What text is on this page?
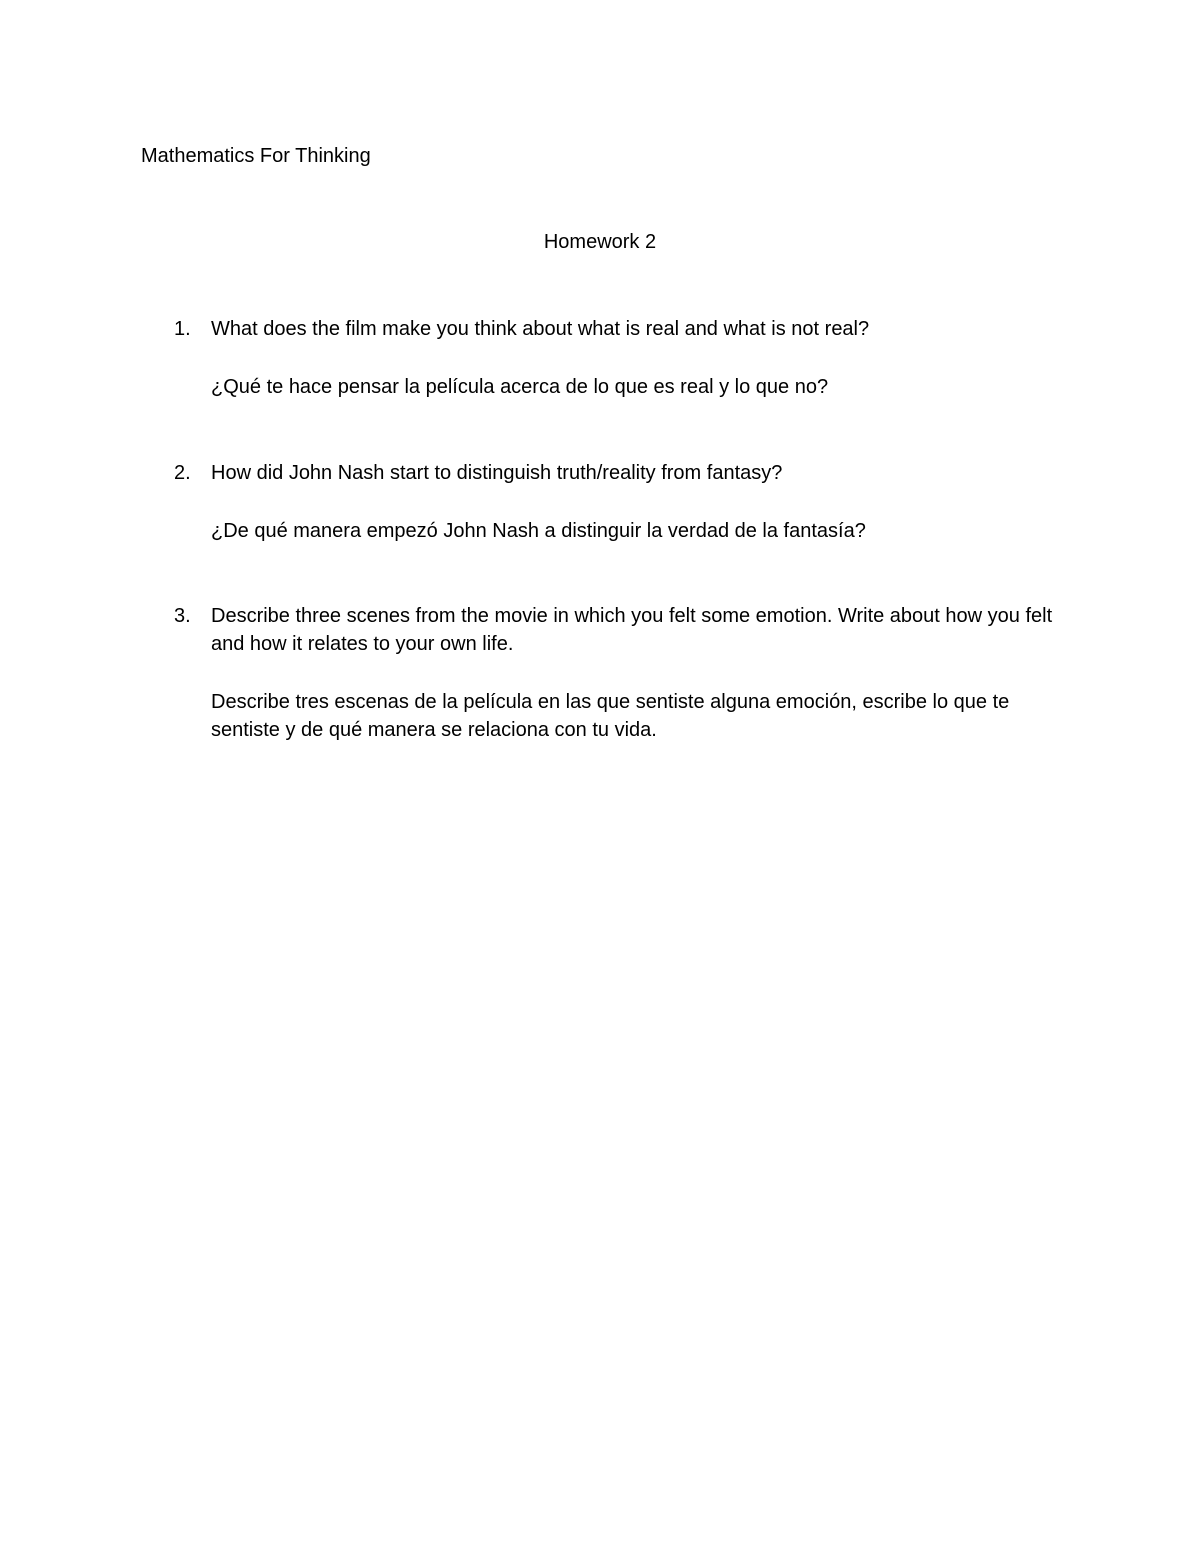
Mathematics For Thinking
Homework 2
1. What does the film make you think about what is real and what is not real?

¿Qué te hace pensar la película acerca de lo que es real y lo que no?

2. How did John Nash start to distinguish truth/reality from fantasy?

¿De qué manera empezó John Nash a distinguir la verdad de la fantasía?

3. Describe three scenes from the movie in which you felt some emotion. Write about how you felt and how it relates to your own life.

Describe tres escenas de la película en las que sentiste alguna emoción, escribe lo que te sentiste y de qué manera se relaciona con tu vida.
